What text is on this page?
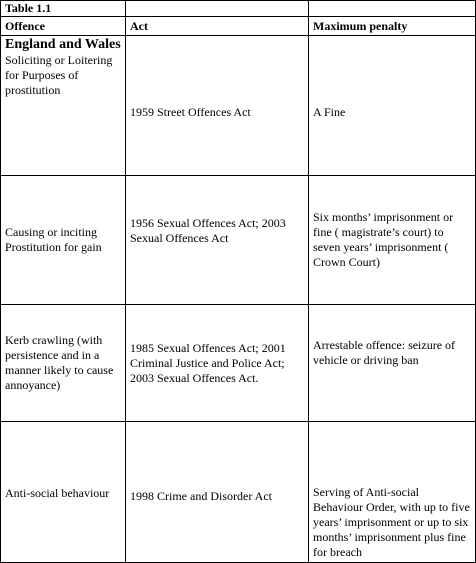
Table 1.1		
Offence	Act	Maximum penalty

England and Wales
Soliciting or Loitering for Purposes of prostitution	1959 Street Offences Act	A Fine
Causing or inciting Prostitution for gain	1956 Sexual Offences Act; 2003 Sexual Offences Act	Six months’ imprisonment or fine ( magistrate’s court) to seven years’ imprisonment ( Crown Court)
Kerb crawling (with persistence and in a manner likely to cause annoyance)	1985 Sexual Offences Act; 2001 Criminal Justice and Police Act; 2003 Sexual Offences Act.	Arrestable offence: seizure of vehicle or driving ban
Anti-social behaviour	1998 Crime and Disorder Act	Serving of Anti-social Behaviour Order, with up to five years’ imprisonment or up to six months’ imprisonment plus fine for breach
